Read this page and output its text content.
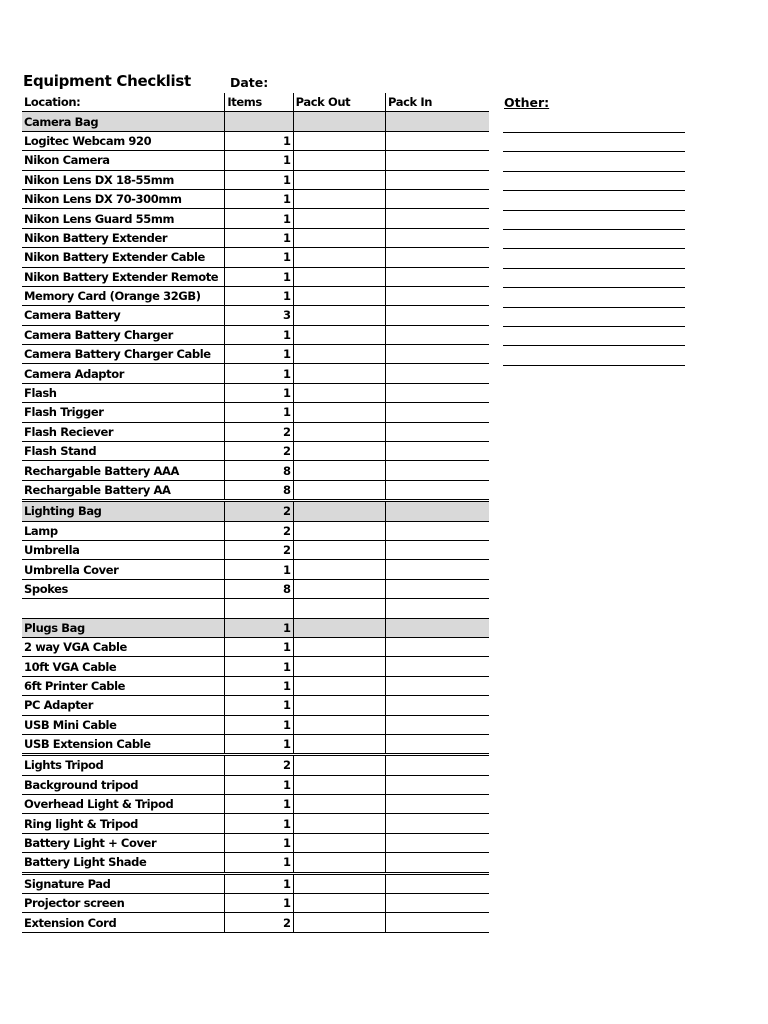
Equipment Checklist	Date:
Other:
Location:	Items	Pack Out	Pack In
Camera Bag			
Logitec Webcam 920	1		
Nikon Camera	1		
Nikon Lens DX 18-55mm	1		
Nikon Lens DX 70-300mm	1		
Nikon Lens Guard 55mm	1		
Nikon Battery Extender	1		
Nikon Battery Extender Cable	1		
Nikon Battery Extender Remote	1		
Memory Card (Orange 32GB)	1		
Camera Battery	3		
Camera Battery Charger	1		
Camera Battery Charger Cable	1		
Camera Adaptor	1		
Flash	1		
Flash Trigger	1		
Flash Reciever	2		
Flash Stand	2		
Rechargable Battery AAA	8		
Rechargable Battery AA	8		
Lighting Bag	2		
Lamp	2		
Umbrella	2		
Umbrella Cover	1		
Spokes	8		

Plugs Bag	1		
2 way VGA Cable	1		
10ft VGA Cable	1		
6ft Printer Cable	1		
PC Adapter	1		
USB Mini Cable	1		
USB Extension Cable	1		
Lights Tripod	2		
Background tripod	1		
Overhead Light & Tripod	1		
Ring light & Tripod	1		
Battery Light + Cover	1		
Battery Light Shade	1		
Signature Pad	1		
Projector screen	1		
Extension Cord	2		
